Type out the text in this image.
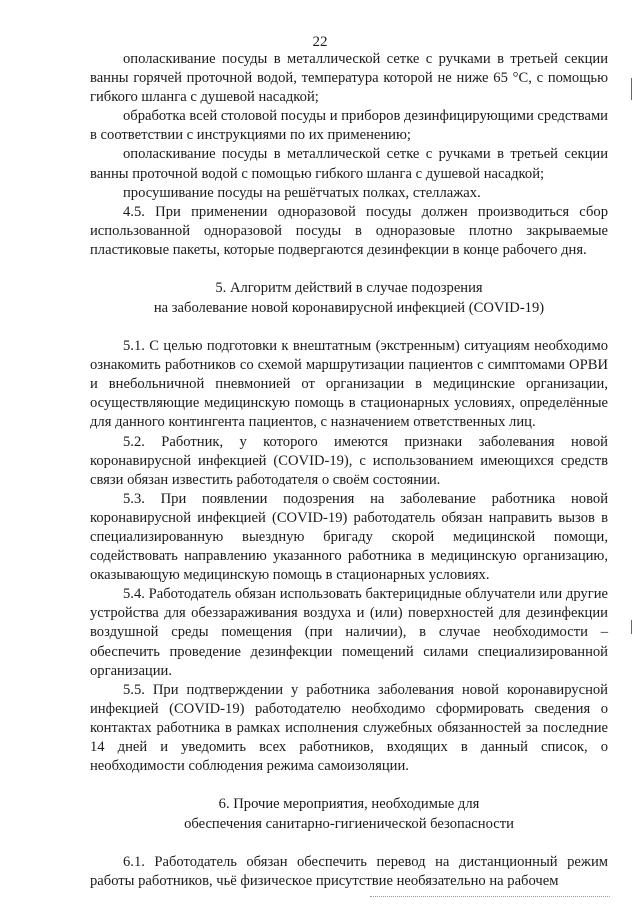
22

ополаскивание посуды в металлической сетке с ручками в третьей секции ванны горячей проточной водой, температура которой не ниже 65 °С, с помощью гибкого шланга с душевой насадкой;

обработка всей столовой посуды и приборов дезинфицирующими средствами в соответствии с инструкциями по их применению;

ополаскивание посуды в металлической сетке с ручками в третьей секции ванны проточной водой с помощью гибкого шланга с душевой насадкой;

просушивание посуды на решётчатых полках, стеллажах.

4.5. При применении одноразовой посуды должен производиться сбор использованной одноразовой посуды в одноразовые плотно закрываемые пластиковые пакеты, которые подвергаются дезинфекции в конце рабочего дня.

5. Алгоритм действий в случае подозрения
на заболевание новой коронавирусной инфекцией (COVID-19)

5.1. С целью подготовки к внештатным (экстренным) ситуациям необходимо ознакомить работников со схемой маршрутизации пациентов с симптомами ОРВИ и внебольничной пневмонией от организации в медицинские организации, осуществляющие медицинскую помощь в стационарных условиях, определённые для данного контингента пациентов, с назначением ответственных лиц.

5.2. Работник, у которого имеются признаки заболевания новой коронавирусной инфекцией (COVID-19), с использованием имеющихся средств связи обязан известить работодателя о своём состоянии.

5.3. При появлении подозрения на заболевание работника новой коронавирусной инфекцией (COVID-19) работодатель обязан направить вызов в специализированную выездную бригаду скорой медицинской помощи, содействовать направлению указанного работника в медицинскую организацию, оказывающую медицинскую помощь в стационарных условиях.

5.4. Работодатель обязан использовать бактерицидные облучатели или другие устройства для обеззараживания воздуха и (или) поверхностей для дезинфекции воздушной среды помещения (при наличии), в случае необходимости – обеспечить проведение дезинфекции помещений силами специализированной организации.

5.5. При подтверждении у работника заболевания новой коронавирусной инфекцией (COVID-19) работодателю необходимо сформировать сведения о контактах работника в рамках исполнения служебных обязанностей за последние 14 дней и уведомить всех работников, входящих в данный список, о необходимости соблюдения режима самоизоляции.

6. Прочие мероприятия, необходимые для
обеспечения санитарно-гигиенической безопасности

6.1. Работодатель обязан обеспечить перевод на дистанционный режим работы работников, чьё физическое присутствие необязательно на рабочем
